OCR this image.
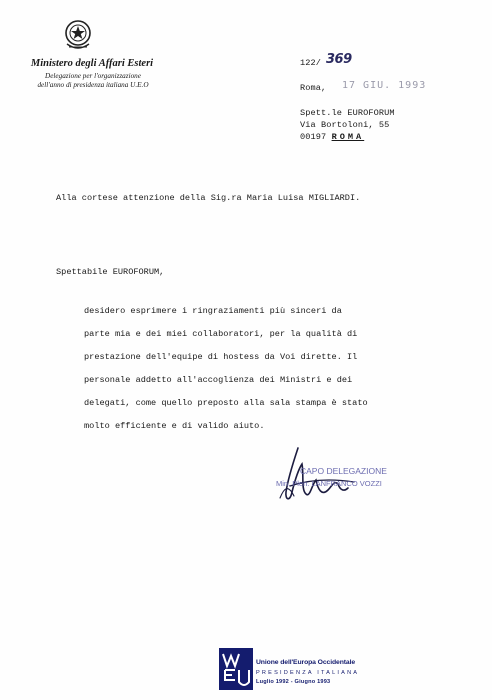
Ministero degli Affari Esteri
Delegazione per l'organizzazione
dell'anno di presidenza italiana U.E.O
122/ 369
Roma, 17 GIU. 1993
Spett.le EUROFORUM
Via Bortoloni, 55
00197 ROMA
Alla cortese attenzione della Sig.ra Maria Luisa MIGLIARDI.
Spettabile EUROFORUM,
desidero esprimere i ringraziamenti più sinceri da
parte mia e dei miei collaboratori, per la qualità di
prestazione dell'equipe di hostess da Voi dirette. Il
personale addetto all'accoglienza dei Ministri e dei
delegati, come quello preposto alla sala stampa è stato
molto efficiente e di valido aiuto.
CAPO DELEGAZIONE
Min. Plen. LANFRANCO VOZZI
Unione dell'Europa Occidentale
PRESIDENZA ITALIANA
Luglio 1992 - Giugno 1993
